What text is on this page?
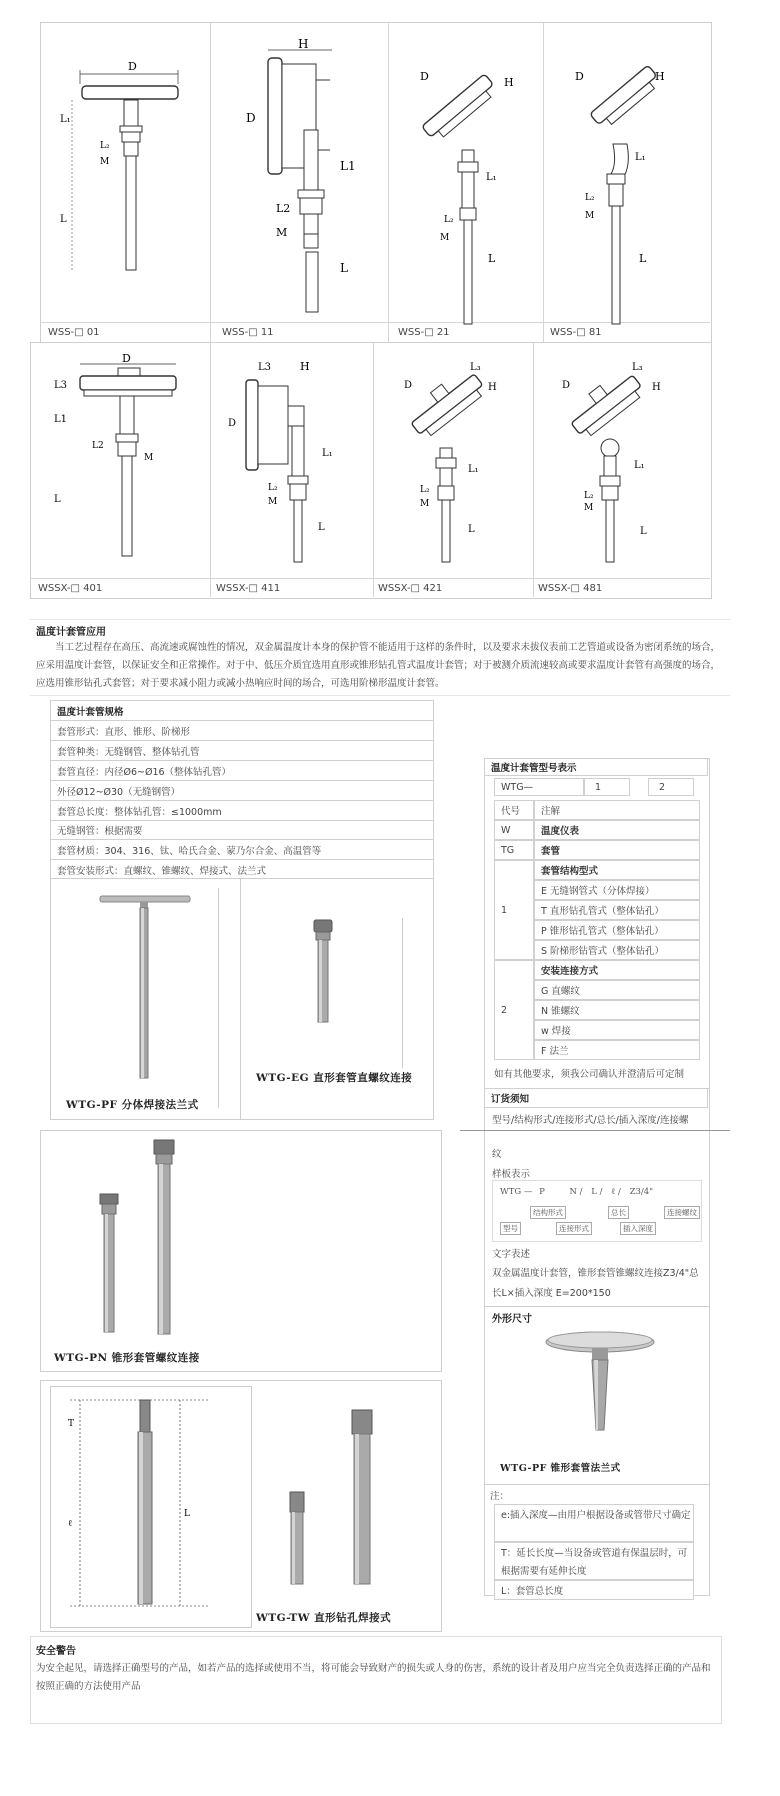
D
L₁
L
L₂
M
WSS-□ 01
H
D
L1
L2
M
L
WSS-□ 11
D	H
L₁
L₂
M
L
WSS-□ 21
D	H
L₁
L₂
M
L
WSS-□ 81
D
L3
L1
L2
M
L
WSSX-□ 401
L3	H
D
L₁
L₂
M
L
WSSX-□ 411
D
L₃
H
L₁
L₂
M
L
WSSX-□ 421
D
L₃
H
L₁
L₂
M
L
WSSX-□ 481
温度计套管应用
当工艺过程存在高压、高流速或腐蚀性的情况，双金属温度计本身的保护管不能适用于这样的条件时，以及要求未拔仪表前工艺管道或设备为密闭系统的场合，应采用温度计套管，以保证安全和正常操作。对于中、低压介质宜选用直形或锥形钻孔管式温度计套管；对于被测介质流速较高或要求温度计套管有高强度的场合，应选用锥形钻孔式套管；对于要求减小阻力或减小热响应时间的场合，可选用阶梯形温度计套管。
温度计套管规格
套管形式：直形、锥形、阶梯形
套管种类：无缝钢管、整体钻孔管
套管直径：内径Ø6~Ø16（整体钻孔管）
外径Ø12~Ø30（无缝钢管）
套管总长度：整体钻孔管：≤1000mm
无缝钢管：根据需要
套管材质：304、316、钛、哈氏合金、蒙乃尔合金、高温管等
套管安装形式：直螺纹、锥螺纹、焊接式、法兰式
WTG-PF 分体焊接法兰式
WTG-EG 直形套管直螺纹连接
温度计套管型号表示
WTG—	1	2
代号	注解
W	温度仪表
TG	套管
1
套管结构型式
E 无缝钢管式（分体焊接）
T 直形钻孔管式（整体钻孔）
P 锥形钻孔管式（整体钻孔）
S 阶梯形钻管式（整体钻孔）
2
安装连接方式
G 直螺纹
N 锥螺纹
w 焊接
F 法兰
如有其他要求，须我公司确认并澄清后可定制
订货须知
型号/结构形式/连接形式/总长/插入深度/连接螺
纹
样板表示
WTG — P	N / L / ℓ / Z3/4"
结构形式	总长	连接螺纹
型号	连接形式	插入深度
文字表述
双金属温度计套管，锥形套管锥螺纹连接Z3/4"总长L×插入深度 E=200*150
外形尺寸
WTG-PF 锥形套管法兰式
注：
e:插入深度—由用户根据设备或管带尺寸确定
T：延长长度—当设备或管道有保温层时，可根据需要有延伸长度
L：套管总长度
WTG-PN 锥形套管螺纹连接
T
ℓ
L
WTG-TW 直形钻孔焊接式
安全警告
为安全起见，请选择正确型号的产品，如若产品的选择或使用不当，将可能会导致财产的损失或人身的伤害，系统的设计者及用户应当完全负责选择正确的产品和按照正确的方法使用产品
